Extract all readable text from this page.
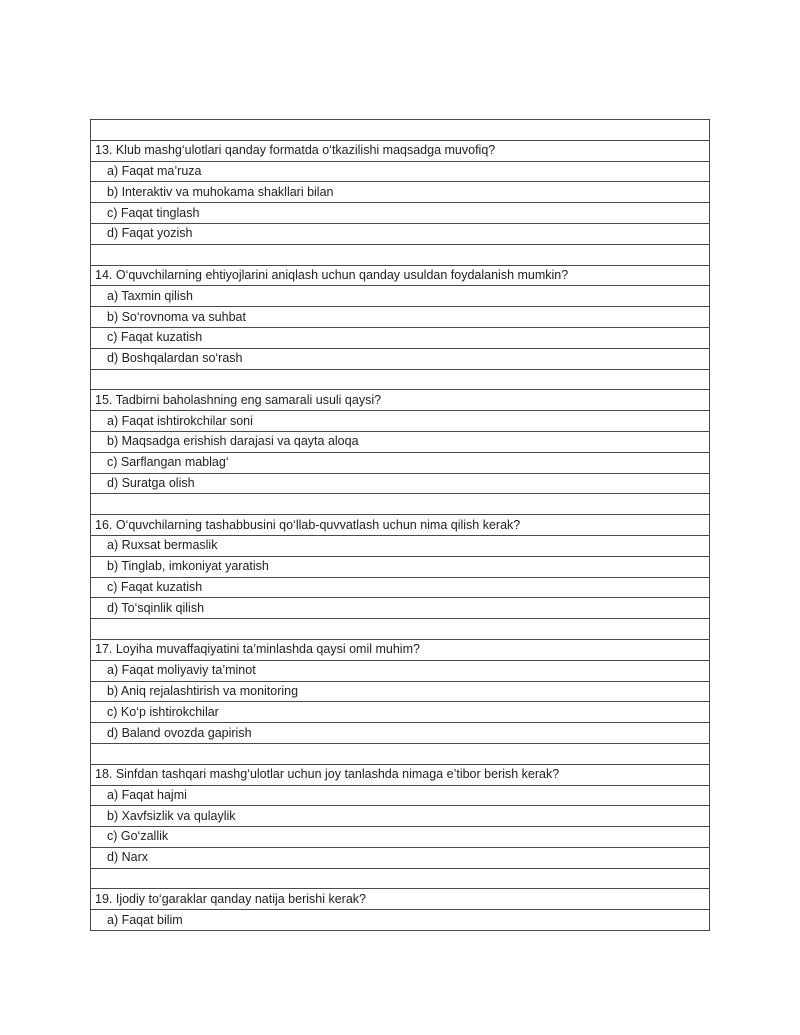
13. Klub mashg‘ulotlari qanday formatda o‘tkazilishi maqsadga muvofiq?
a) Faqat ma’ruza
b) Interaktiv va muhokama shakllari bilan
c) Faqat tinglash
d) Faqat yozish

14. O‘quvchilarning ehtiyojlarini aniqlash uchun qanday usuldan foydalanish mumkin?
a) Taxmin qilish
b) So‘rovnoma va suhbat
c) Faqat kuzatish
d) Boshqalardan so‘rash

15. Tadbirni baholashning eng samarali usuli qaysi?
a) Faqat ishtirokchilar soni
b) Maqsadga erishish darajasi va qayta aloqa
c) Sarflangan mablag‘
d) Suratga olish

16. O‘quvchilarning tashabbusini qo‘llab-quvvatlash uchun nima qilish kerak?
a) Ruxsat bermaslik
b) Tinglab, imkoniyat yaratish
c) Faqat kuzatish
d) To‘sqinlik qilish

17. Loyiha muvaffaqiyatini ta’minlashda qaysi omil muhim?
a) Faqat moliyaviy ta’minot
b) Aniq rejalashtirish va monitoring
c) Ko‘p ishtirokchilar
d) Baland ovozda gapirish

18. Sinfdan tashqari mashg‘ulotlar uchun joy tanlashda nimaga e’tibor berish kerak?
a) Faqat hajmi
b) Xavfsizlik va qulaylik
c) Go‘zallik
d) Narx

19. Ijodiy to‘garaklar qanday natija berishi kerak?
a) Faqat bilim
